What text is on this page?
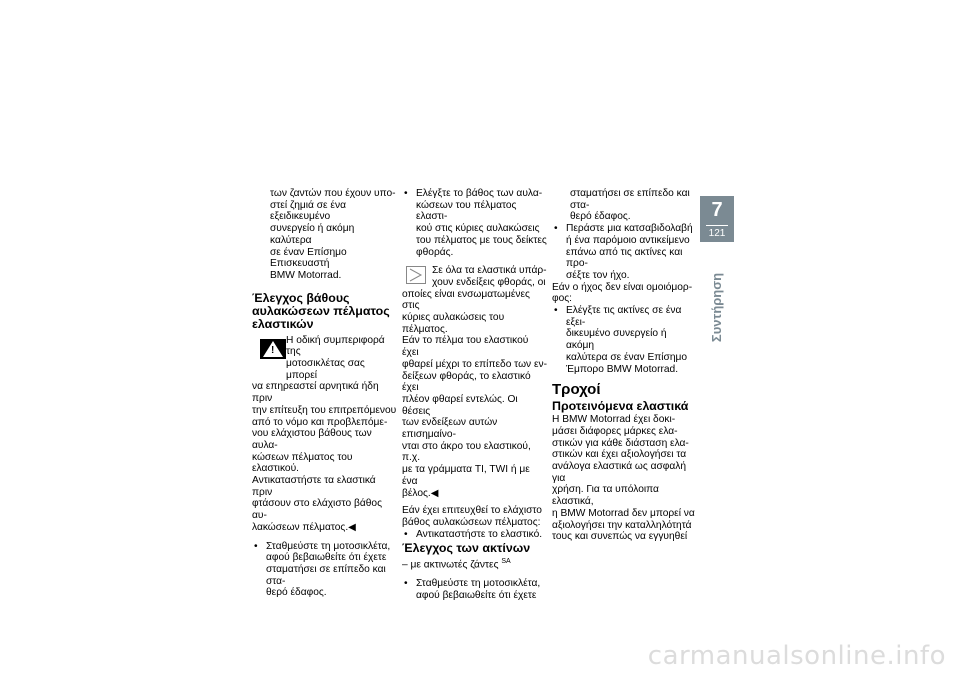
των ζαντών που έχουν υπο-

στεί ζημιά σε ένα εξειδικευμένο

συνεργείο ή ακόμη καλύτερα

σε έναν Επίσημο Επισκευαστή

BMW Motorrad.

Έλεγχος βάθους

αυλακώσεων πέλματος

ελαστικών

!

Η οδική συμπεριφορά της

μοτοσικλέτας σας μπορεί

να επηρεαστεί αρνητικά ήδη πριν

την επίτευξη του επιτρεπόμενου

από το νόμο και προβλεπόμε-

νου ελάχιστου βάθους των αυλα-

κώσεων πέλματος του ελαστικού.

Αντικαταστήστε τα ελαστικά πριν

φτάσουν στο ελάχιστο βάθος αυ-

λακώσεων πέλματος.◀

• Σταθμεύστε τη μοτοσικλέτα,

αφού βεβαιωθείτε ότι έχετε

σταματήσει σε επίπεδο και στα-

θερό έδαφος.

• Ελέγξτε το βάθος των αυλα-

κώσεων του πέλματος ελαστι-

κού στις κύριες αυλακώσεις

του πέλματος με τους δείκτες

φθοράς.

Σε όλα τα ελαστικά υπάρ-

χουν ενδείξεις φθοράς, οι

οποίες είναι ενσωματωμένες στις

κύριες αυλακώσεις του πέλματος.

Εάν το πέλμα του ελαστικού έχει

φθαρεί μέχρι το επίπεδο των εν-

δείξεων φθοράς, το ελαστικό έχει

πλέον φθαρεί εντελώς. Οι θέσεις

των ενδείξεων αυτών επισημαίνο-

νται στο άκρο του ελαστικού, π.χ.

με τα γράμματα TI, TWI ή με ένα

βέλος.◀

Εάν έχει επιτευχθεί το ελάχιστο

βάθος αυλακώσεων πέλματος:

• Αντικαταστήστε το ελαστικό.

Έλεγχος των ακτίνων

– με ακτινωτές ζάντες $^{SA}$

• Σταθμεύστε τη μοτοσικλέτα,

αφού βεβαιωθείτε ότι έχετε

σταματήσει σε επίπεδο και στα-

θερό έδαφος.

• Περάστε μια κατσαβιδολαβή

ή ένα παρόμοιο αντικείμενο

επάνω από τις ακτίνες και προ-

σέξτε τον ήχο.

Εάν ο ήχος δεν είναι ομοιόμορ-

φος:

• Ελέγξτε τις ακτίνες σε ένα εξει-

δικευμένο συνεργείο ή ακόμη

καλύτερα σε έναν Επίσημο

Έμπορο BMW Motorrad.

Τροχοί

Προτεινόμενα ελαστικά

Η BMW Motorrad έχει δοκι-

μάσει διάφορες μάρκες ελα-

στικών για κάθε διάσταση ελα-

στικών και έχει αξιολογήσει τα

ανάλογα ελαστικά ως ασφαλή για

χρήση. Για τα υπόλοιπα ελαστικά,

η BMW Motorrad δεν μπορεί να

αξιολογήσει την καταλληλότητά

τους και συνεπώς να εγγυηθεί

7
121
Συντήρηση
carmanualsonline.info
